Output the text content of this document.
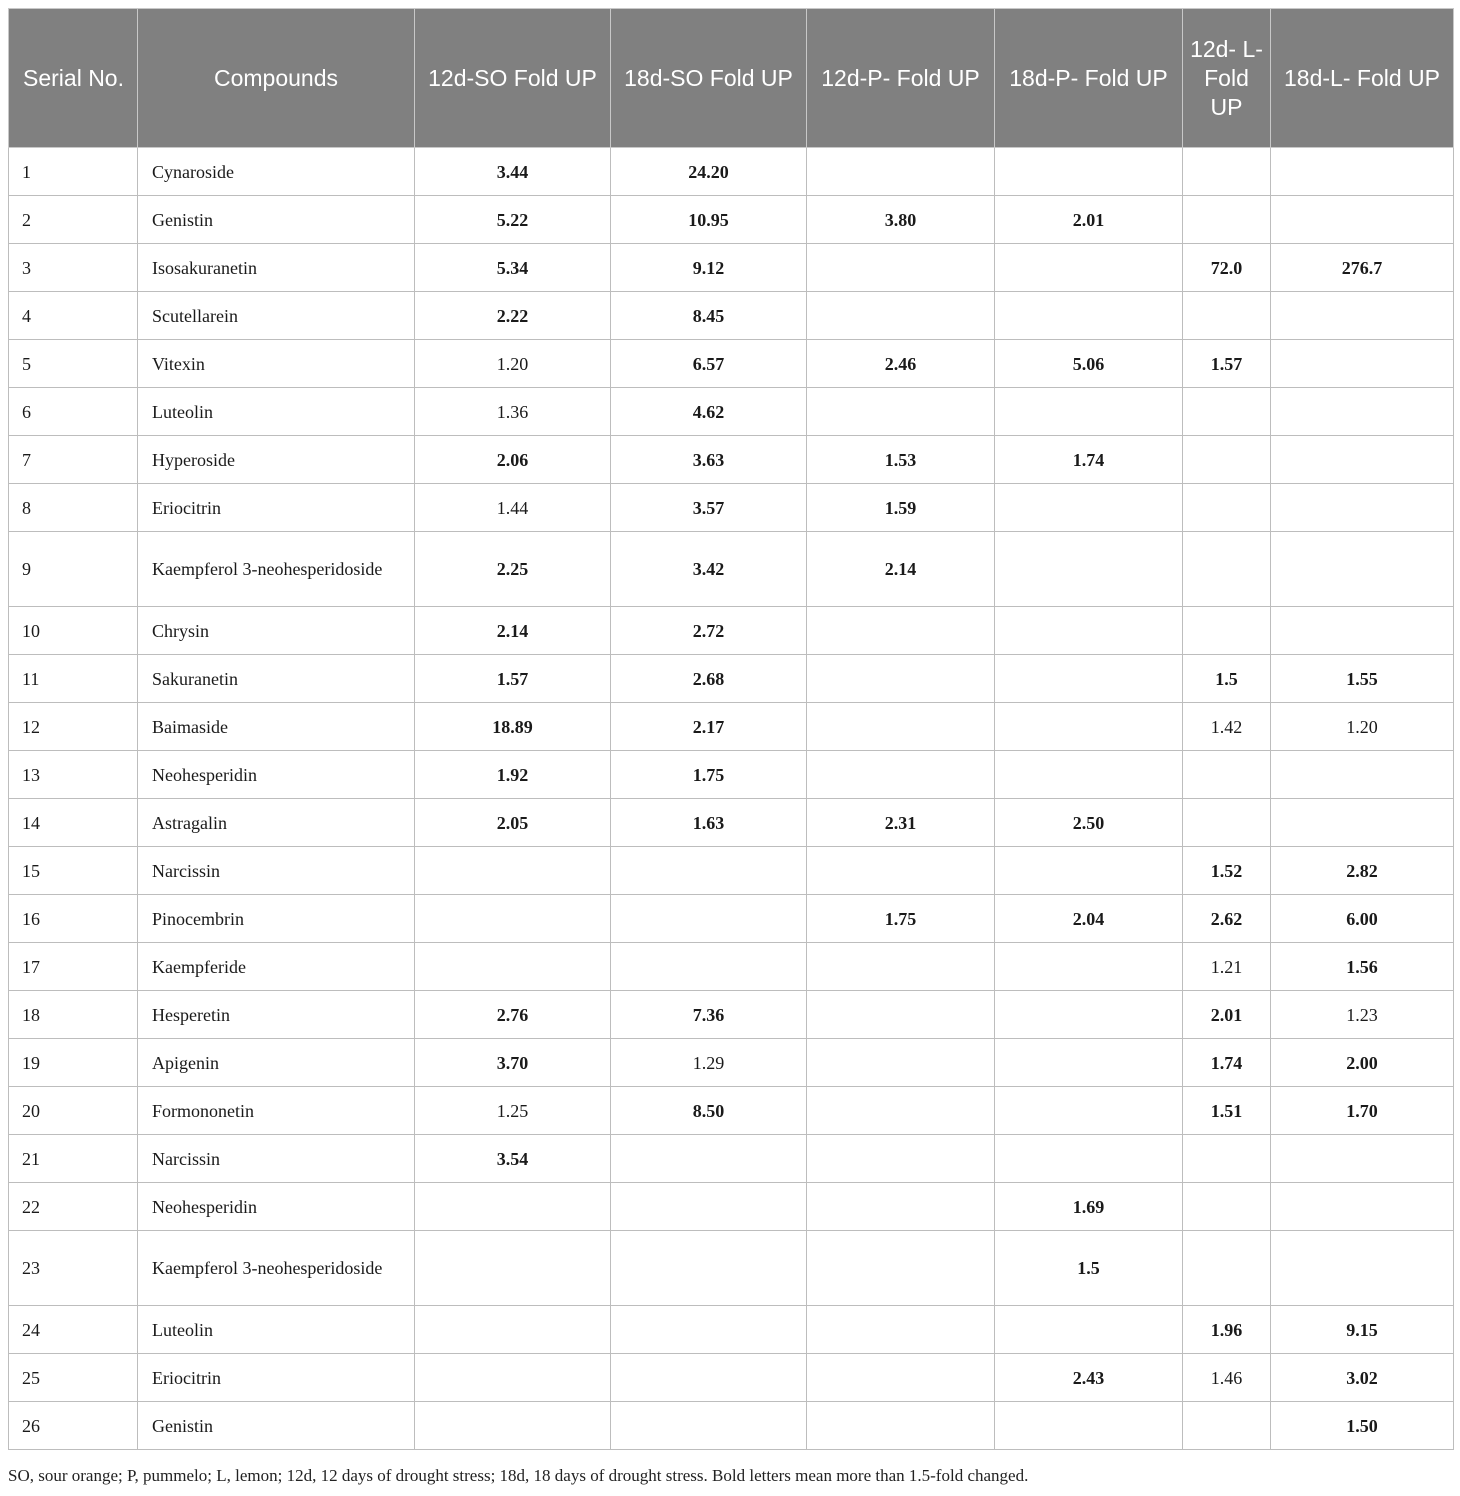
Serial No.	Compounds	12d-SO Fold UP	18d-SO Fold UP	12d-P- Fold UP	18d-P- Fold UP	12d- L- Fold UP	18d-L- Fold UP
1	Cynaroside	3.44	24.20				
2	Genistin	5.22	10.95	3.80	2.01		
3	Isosakuranetin	5.34	9.12			72.0	276.7
4	Scutellarein	2.22	8.45				
5	Vitexin	1.20	6.57	2.46	5.06	1.57	
6	Luteolin	1.36	4.62				
7	Hyperoside	2.06	3.63	1.53	1.74		
8	Eriocitrin	1.44	3.57	1.59			
9	Kaempferol 3-neohesperidoside	2.25	3.42	2.14			
10	Chrysin	2.14	2.72				
11	Sakuranetin	1.57	2.68			1.5	1.55
12	Baimaside	18.89	2.17			1.42	1.20
13	Neohesperidin	1.92	1.75				
14	Astragalin	2.05	1.63	2.31	2.50		
15	Narcissin					1.52	2.82
16	Pinocembrin			1.75	2.04	2.62	6.00
17	Kaempferide					1.21	1.56
18	Hesperetin	2.76	7.36			2.01	1.23
19	Apigenin	3.70	1.29			1.74	2.00
20	Formononetin	1.25	8.50			1.51	1.70
21	Narcissin	3.54					
22	Neohesperidin				1.69		
23	Kaempferol 3-neohesperidoside				1.5		
24	Luteolin					1.96	9.15
25	Eriocitrin				2.43	1.46	3.02
26	Genistin						1.50
SO, sour orange; P, pummelo; L, lemon; 12d, 12 days of drought stress; 18d, 18 days of drought stress. Bold letters mean more than 1.5-fold changed.
